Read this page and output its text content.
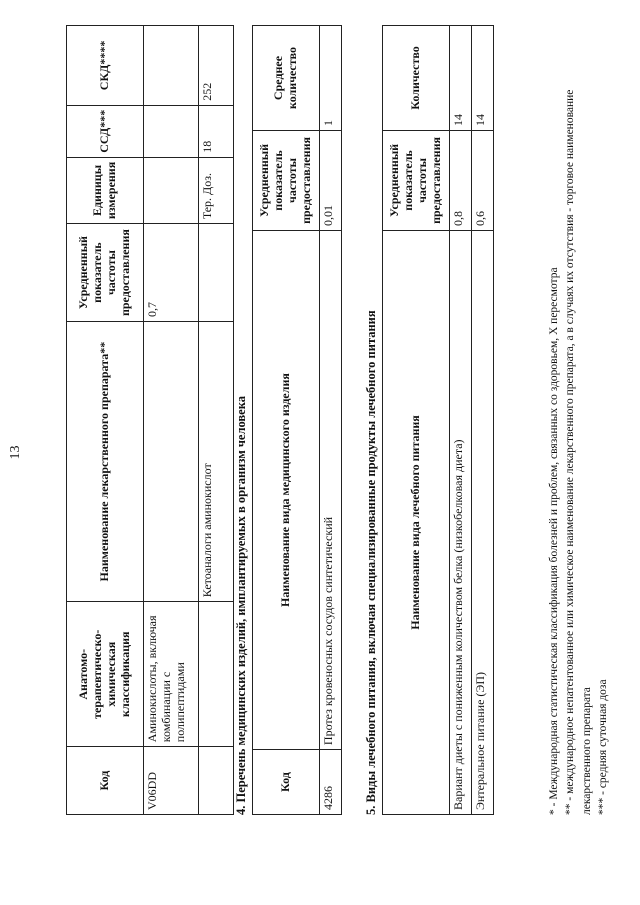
13
Код	Анатомо-терапевтическо-химическая классификация	Наименование лекарственного препарата**	Усредненный показатель частоты предоставления	Единицы измерения	ССД***	СКД****
V06DD	Аминокислоты, включая комбинации с полипептидами		0,7			
		Кетоаналоги аминокислот		Тер. Доз.	18	252
4. Перечень медицинских изделий, имплантируемых в организм человека	Код	Наименование вида медицинского изделия	Усредненный показатель частоты предоставления	Среднее количество
4286	Протез кровеносных сосудов синтетический	0,01	1
5. Виды лечебного питания, включая специализированные продукты лечебного питания	Наименование вида лечебного питания	Усредненный показатель частоты предоставления	Количество
Вариант диеты с пониженным количеством белка (низкобелковая диета)	0,8	14
Энтеральное питание (ЭП)	0,6	14
* - Международная статистическая классификация болезней и проблем, связанных со здоровьем, X пересмотра ** - международное непатентованное или химическое наименование лекарственного препарата, а в случаях их отсутствия - торговое наименование лекарственного препарата *** - средняя суточная доза
